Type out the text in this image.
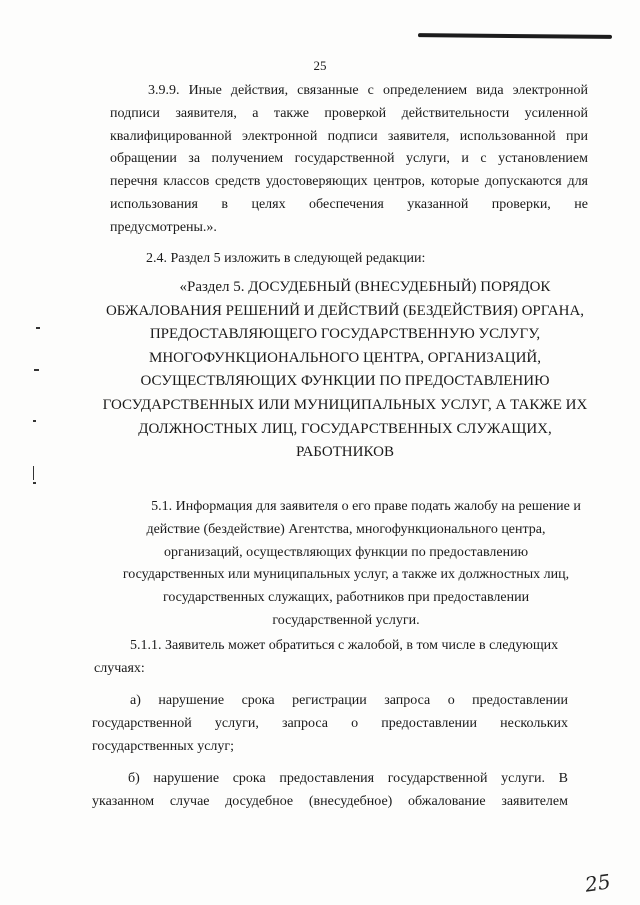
25
3.9.9. Иные действия, связанные с определением вида электронной
подписи заявителя, а также проверкой действительности усиленной
квалифицированной электронной подписи заявителя, использованной при
обращении за получением государственной услуги, и с установлением
перечня классов средств удостоверяющих центров, которые допускаются для
использования в целях обеспечения указанной проверки, не
предусмотрены.».
2.4. Раздел 5 изложить в следующей редакции:
«Раздел 5. ДОСУДЕБНЫЙ (ВНЕСУДЕБНЫЙ) ПОРЯДОК
ОБЖАЛОВАНИЯ РЕШЕНИЙ И ДЕЙСТВИЙ (БЕЗДЕЙСТВИЯ) ОРГАНА,
ПРЕДОСТАВЛЯЮЩЕГО ГОСУДАРСТВЕННУЮ УСЛУГУ,
МНОГОФУНКЦИОНАЛЬНОГО ЦЕНТРА, ОРГАНИЗАЦИЙ,
ОСУЩЕСТВЛЯЮЩИХ ФУНКЦИИ ПО ПРЕДОСТАВЛЕНИЮ
ГОСУДАРСТВЕННЫХ ИЛИ МУНИЦИПАЛЬНЫХ УСЛУГ, А ТАКЖЕ ИХ
ДОЛЖНОСТНЫХ ЛИЦ, ГОСУДАРСТВЕННЫХ СЛУЖАЩИХ,
РАБОТНИКОВ
5.1. Информация для заявителя о его праве подать жалобу на решение и
действие (бездействие) Агентства, многофункционального центра,
организаций, осуществляющих функции по предоставлению
государственных или муниципальных услуг, а также их должностных лиц,
государственных служащих, работников при предоставлении
государственной услуги.
5.1.1. Заявитель может обратиться с жалобой, в том числе в следующих
случаях:
а) нарушение срока регистрации запроса о предоставлении
государственной услуги, запроса о предоставлении нескольких
государственных услуг;
б) нарушение срока предоставления государственной услуги. В
указанном случае досудебное (внесудебное) обжалование заявителем
25
